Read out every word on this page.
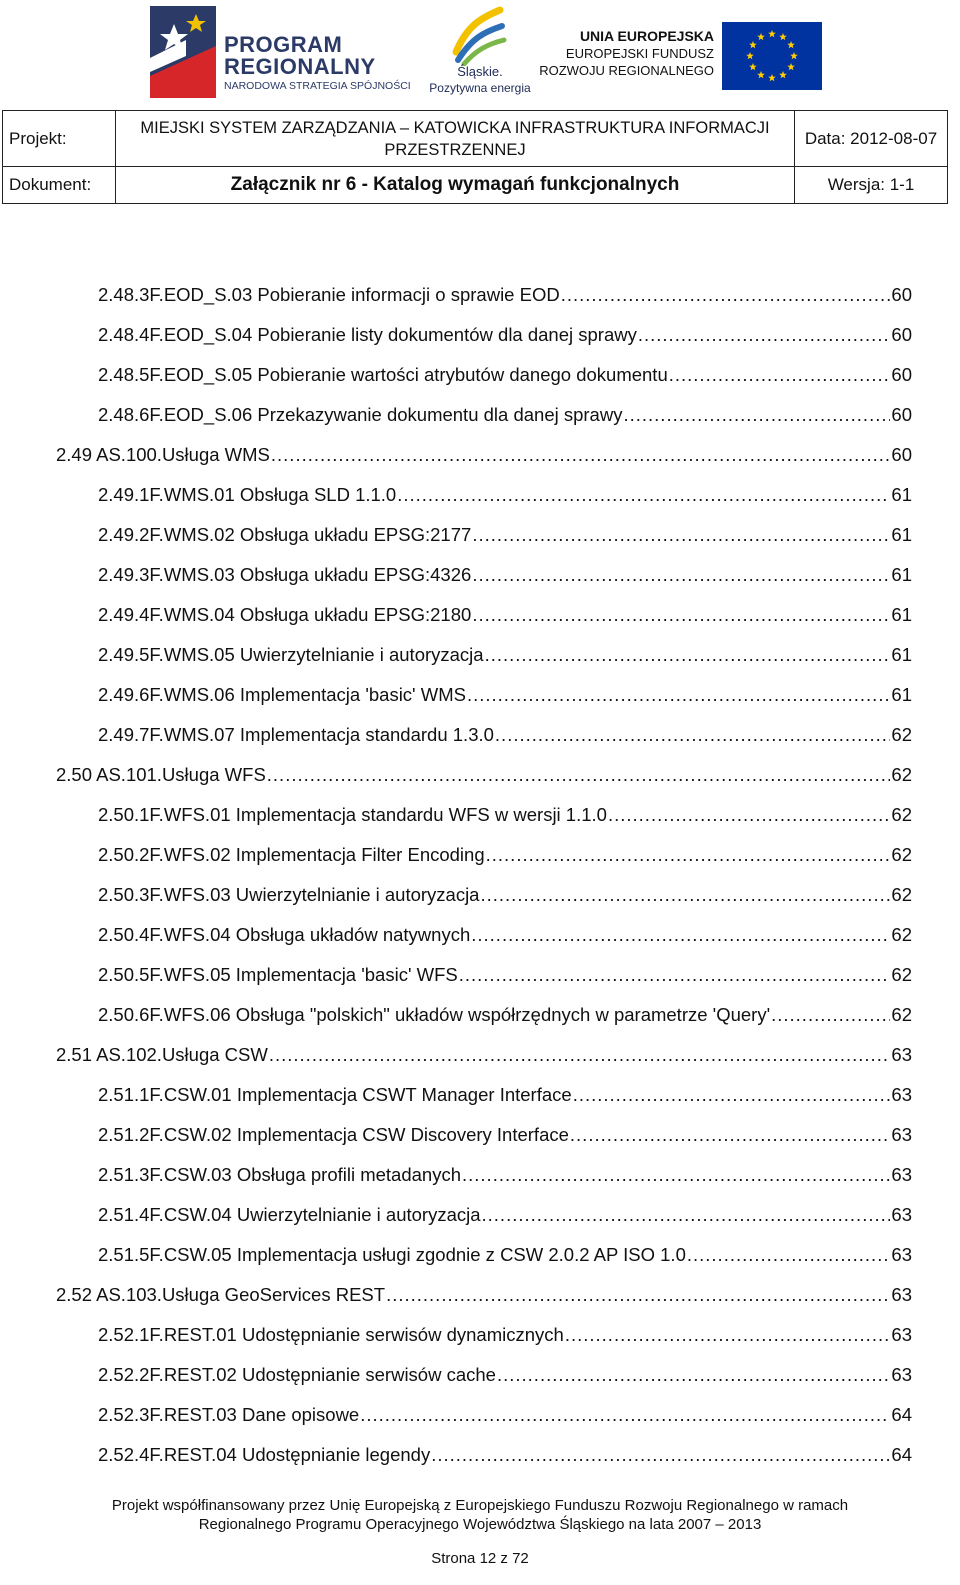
PROGRAM
REGIONALNY
NARODOWA STRATEGIA SPÓJNOŚCI
Śląskie.
Pozytywna energia
UNIA EUROPEJSKA
EUROPEJSKI FUNDUSZ
ROZWOJU REGIONALNEGO
Projekt:	MIEJSKI SYSTEM ZARZĄDZANIA – KATOWICKA INFRASTRUKTURA INFORMACJI PRZESTRZENNEJ	Data: 2012-08-07
Dokument:	Załącznik nr 6 - Katalog wymagań funkcjonalnych	Wersja: 1-1
2.48.3F.EOD_S.03 Pobieranie informacji o sprawie EOD .....	60
2.48.4F.EOD_S.04 Pobieranie listy dokumentów dla danej sprawy .....	60
2.48.5F.EOD_S.05 Pobieranie wartości atrybutów danego dokumentu .....	60
2.48.6F.EOD_S.06 Przekazywanie dokumentu dla danej sprawy .....	60
2.49 AS.100.Usługa WMS .....	60
2.49.1F.WMS.01 Obsługa SLD 1.1.0 .....	61
2.49.2F.WMS.02 Obsługa układu EPSG:2177 .....	61
2.49.3F.WMS.03 Obsługa układu EPSG:4326 .....	61
2.49.4F.WMS.04 Obsługa układu EPSG:2180 .....	61
2.49.5F.WMS.05 Uwierzytelnianie i autoryzacja .....	61
2.49.6F.WMS.06 Implementacja 'basic' WMS .....	61
2.49.7F.WMS.07 Implementacja standardu 1.3.0 .....	62
2.50 AS.101.Usługa WFS .....	62
2.50.1F.WFS.01 Implementacja standardu WFS w wersji 1.1.0 .....	62
2.50.2F.WFS.02 Implementacja Filter Encoding .....	62
2.50.3F.WFS.03 Uwierzytelnianie i autoryzacja .....	62
2.50.4F.WFS.04 Obsługa układów natywnych .....	62
2.50.5F.WFS.05 Implementacja 'basic' WFS .....	62
2.50.6F.WFS.06 Obsługa "polskich" układów współrzędnych w parametrze 'Query' .....	62
2.51 AS.102.Usługa CSW .....	63
2.51.1F.CSW.01 Implementacja CSWT Manager Interface .....	63
2.51.2F.CSW.02 Implementacja CSW Discovery Interface .....	63
2.51.3F.CSW.03 Obsługa profili metadanych .....	63
2.51.4F.CSW.04 Uwierzytelnianie i autoryzacja .....	63
2.51.5F.CSW.05 Implementacja usługi zgodnie z CSW 2.0.2 AP ISO 1.0 .....	63
2.52 AS.103.Usługa GeoServices REST .....	63
2.52.1F.REST.01 Udostępnianie serwisów dynamicznych .....	63
2.52.2F.REST.02 Udostępnianie serwisów cache .....	63
2.52.3F.REST.03 Dane opisowe .....	64
2.52.4F.REST.04 Udostępnianie legendy .....	64
Projekt współfinansowany przez Unię Europejską z Europejskiego Funduszu Rozwoju Regionalnego w ramach
Regionalnego Programu Operacyjnego Województwa Śląskiego na lata 2007 – 2013
Strona 12 z 72
